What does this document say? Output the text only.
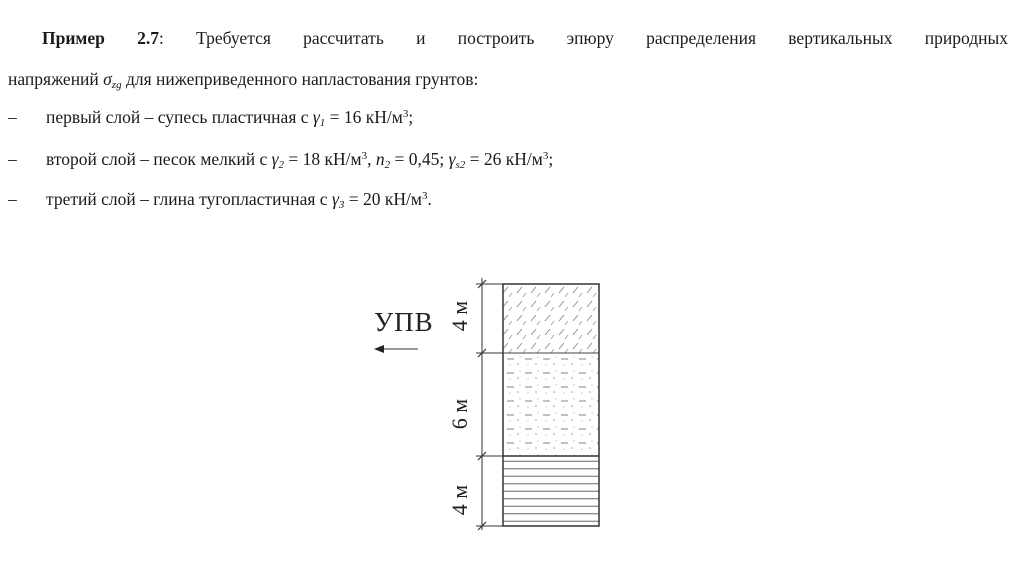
Пример 2.7: Требуется рассчитать и построить эпюру распределения вертикальных природных
напряжений $\sigma_{zg}$ для нижеприведенного напластования грунтов:
– первый слой – супесь пластичная с $\gamma_1 = 16$ $кН/м^3$;
– второй слой – песок мелкий с $\gamma_2 = 18$ $кН/м^3$, $n_2 = 0,45$; $\gamma_{s2} = 26$ $кН/м^3$;
– третий слой – глина тугопластичная с $\gamma_3 = 20$ $кН/м^3$.
УПВ 4 м
6 м
4 м
